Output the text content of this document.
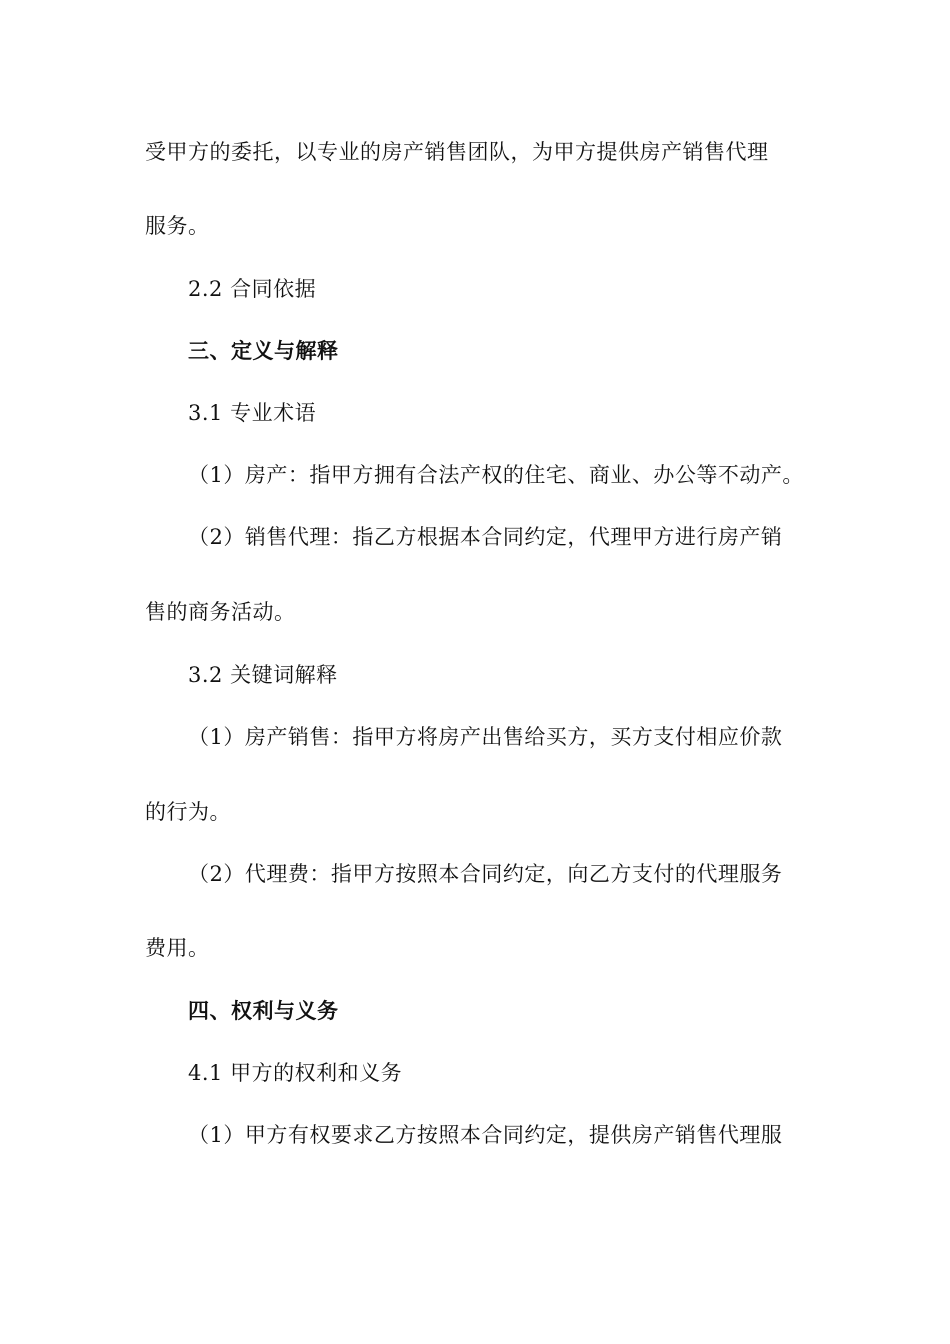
受甲方的委托，以专业的房产销售团队，为甲方提供房产销售代理

服务。

2.2 合同依据

三、定义与解释

3.1 专业术语

（1）房产：指甲方拥有合法产权的住宅、商业、办公等不动产。

（2）销售代理：指乙方根据本合同约定，代理甲方进行房产销

售的商务活动。

3.2 关键词解释

（1）房产销售：指甲方将房产出售给买方，买方支付相应价款

的行为。

（2）代理费：指甲方按照本合同约定，向乙方支付的代理服务

费用。

四、权利与义务

4.1 甲方的权利和义务

（1）甲方有权要求乙方按照本合同约定，提供房产销售代理服
